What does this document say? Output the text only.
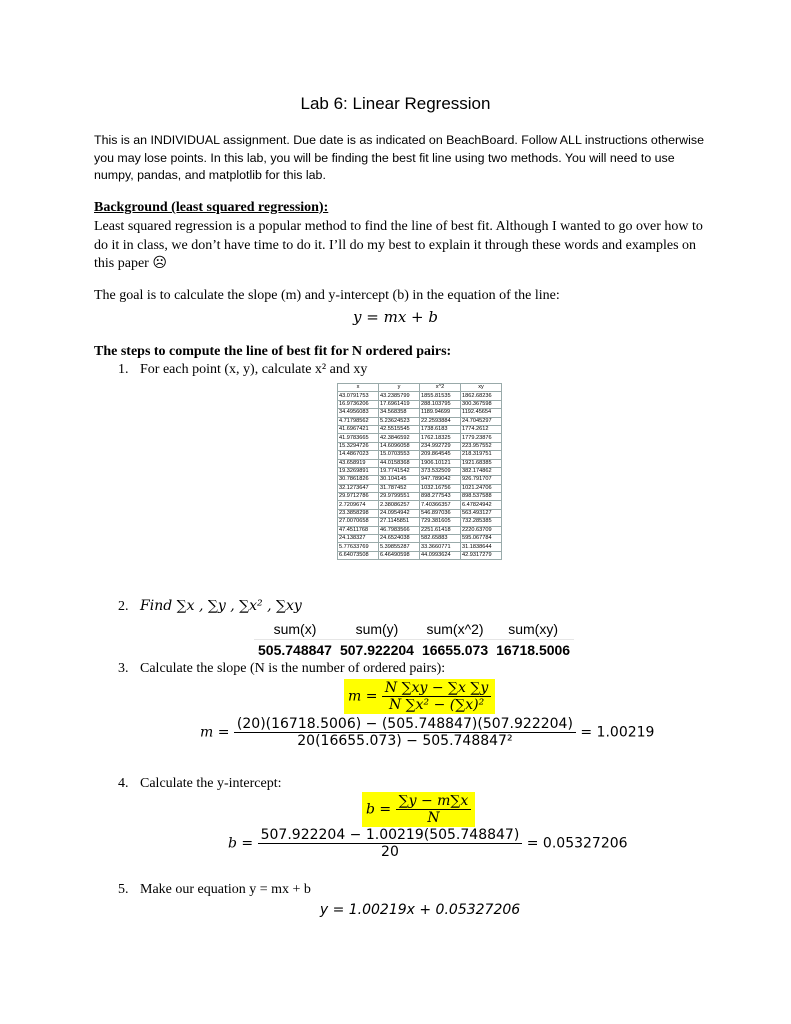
Lab 6: Linear Regression
This is an INDIVIDUAL assignment. Due date is as indicated on BeachBoard. Follow ALL instructions otherwise you may lose points. In this lab, you will be finding the best fit line using two methods. You will need to use numpy, pandas, and matplotlib for this lab.
Background (least squared regression):
Least squared regression is a popular method to find the line of best fit. Although I wanted to go over how to do it in class, we don’t have time to do it. I’ll do my best to explain it through these words and examples on this paper ☹
The goal is to calculate the slope (m) and y-intercept (b) in the equation of the line:
y = mx + b
The steps to compute the line of best fit for N ordered pairs:
1. For each point (x, y), calculate x² and xy
x	y	x^2	xy
43.0791753	43.2385799	1855.81535	1862.68236
16.9736206	17.6961419	288.103795	300.367598
34.4956083	34.568358	1189.94699	1192.45654
4.71798562	5.23624523	22.2593884	24.7045297
41.6967421	42.5515545	1738.6183	1774.2612
41.9783665	42.3846592	1762.18325	1779.23876
15.3294726	14.6096058	234.992729	223.957552
14.4867023	15.0703553	209.864545	218.319751
43.658919	44.0158368	1906.10121	1921.68385
19.3269891	19.7741542	373.532509	382.174862
30.7861826	30.104145	947.789042	926.791707
32.1273647	31.787452	1032.16756	1021.24706
29.9712786	29.9799551	898.277543	898.537588
2.7209674	2.38086257	7.40366357	6.47824942
23.3858298	24.0954942	546.897036	563.493127
27.0070658	27.1145851	729.381605	732.285385
47.4511768	46.7983566	2251.61418	2220.63709
24.138327	24.6524038	582.65883	595.067784
5.77633769	5.39855287	33.3660771	31.1838644
6.64073508	6.46490598	44.0993624	42.9317279
2. Find ∑x , ∑y , ∑x² , ∑xy
sum(x)	sum(y)	sum(x^2)	sum(xy)
505.748847	507.922204	16655.073	16718.5006
3. Calculate the slope (N is the number of ordered pairs):
$m = \frac{N \sum xy - \sum x \sum y}{\text{N ∑x² − (∑x)²}}$
$m = \frac{(20)(16718.5006) - (505.748847)(507.922204)}{\text{20(16655.073) − 505.748847²}} = 1.00219$
4. Calculate the y-intercept:
$b = \frac{\sum y - m\sum x}{N}$
$b = \frac{507.922204 - 1.00219(505.748847)}{20} = 0.05327206$
5. Make our equation y = mx + b
y = 1.00219x + 0.05327206
